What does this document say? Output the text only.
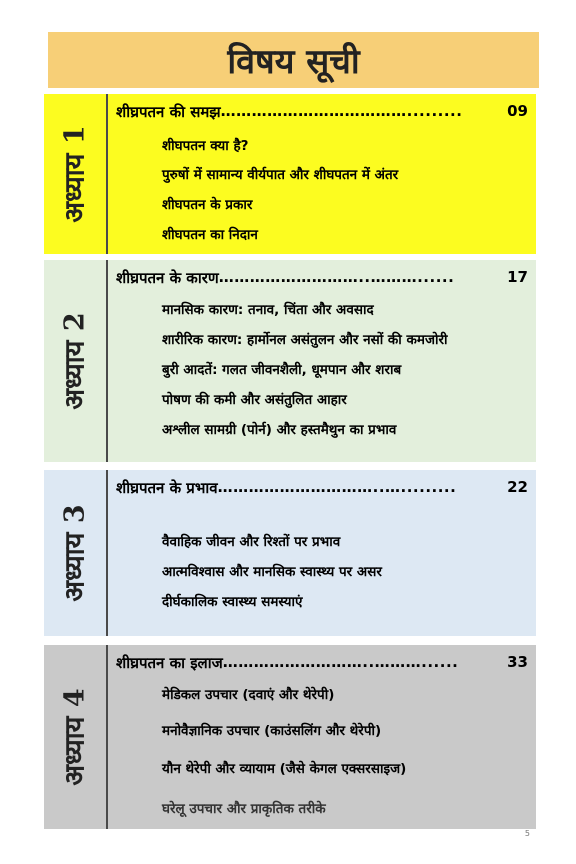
विषय सूची
अध्याय 1
शीघ्रपतन की समझ ……………………………….........	09
शीघपतन क्या है?
पुरुषों में सामान्य वीर्यपात और शीघपतन में अंतर
शीघपतन के प्रकार
शीघपतन का निदान
अध्याय 2
शीघ्रपतन के कारण ………………………..………......	17
मानसिक कारण: तनाव, चिंता और अवसाद
शारीरिक कारण: हार्मोनल असंतुलन और नसों की कमजोरी
बुरी आदतें: गलत जीवनशैली, धूमपान और शराब
पोषण की कमी और असंतुलित आहार
अश्लील सामग्री (पोर्न) और हस्तमैथुन का प्रभाव
अध्याय 3
शीघ्रपतन के प्रभाव …………………………..….........	22
वैवाहिक जीवन और रिश्तों पर प्रभाव
आत्मविश्वास और मानसिक स्वास्थ्य पर असर
दीर्घकालिक स्वास्थ्य समस्याएं
अध्याय 4
शीघ्रपतन का इलाज ………………………..………......	33
मेडिकल उपचार (दवाएं और थेरेपी)
मनोवैज्ञानिक उपचार (काउंसलिंग और थेरेपी)
यौन थेरेपी और व्यायाम (जैसे केगल एक्सरसाइज)
घरेलू उपचार और प्राकृतिक तरीके
5
